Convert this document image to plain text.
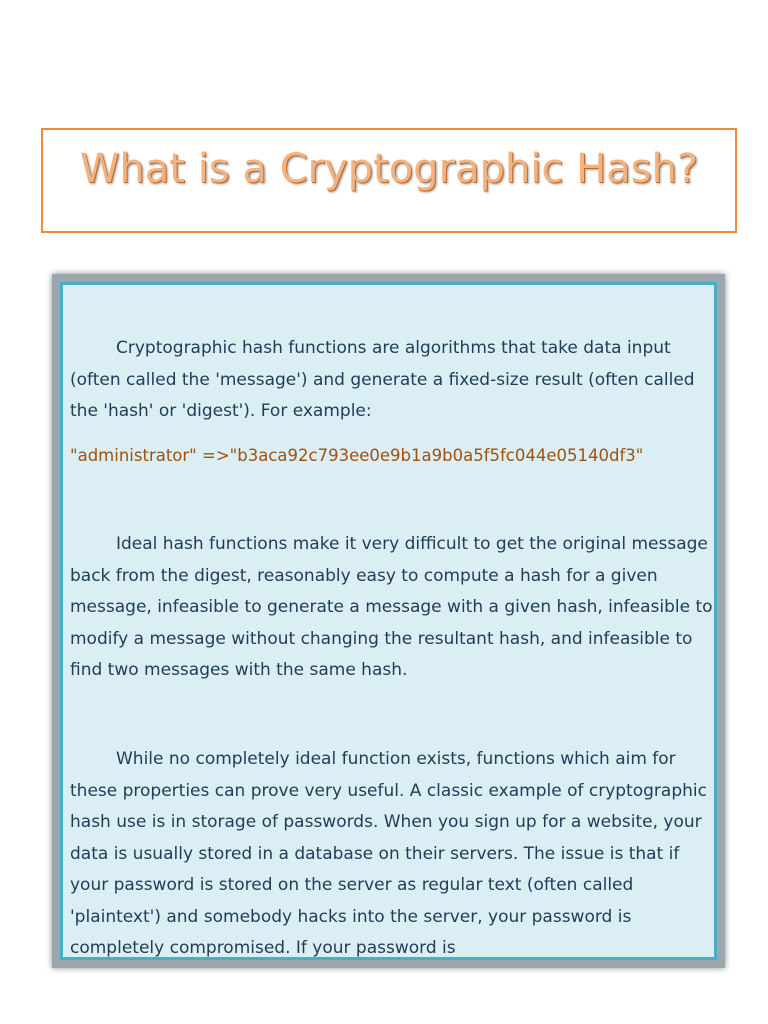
What is a Cryptographic Hash?

Cryptographic hash functions are algorithms that take data input (often called the 'message') and generate a fixed-size result (often called the 'hash' or 'digest'). For example:

"administrator" =>"b3aca92c793ee0e9b1a9b0a5f5fc044e05140df3"

Ideal hash functions make it very difficult to get the original message back from the digest, reasonably easy to compute a hash for a given message, infeasible to generate a message with a given hash, infeasible to modify a message without changing the resultant hash, and infeasible to find two messages with the same hash.

While no completely ideal function exists, functions which aim for these properties can prove very useful. A classic example of cryptographic hash use is in storage of passwords. When you sign up for a website, your data is usually stored in a database on their servers. The issue is that if your password is stored on the server as regular text (often called 'plaintext') and somebody hacks into the server, your password is completely compromised. If your password is
